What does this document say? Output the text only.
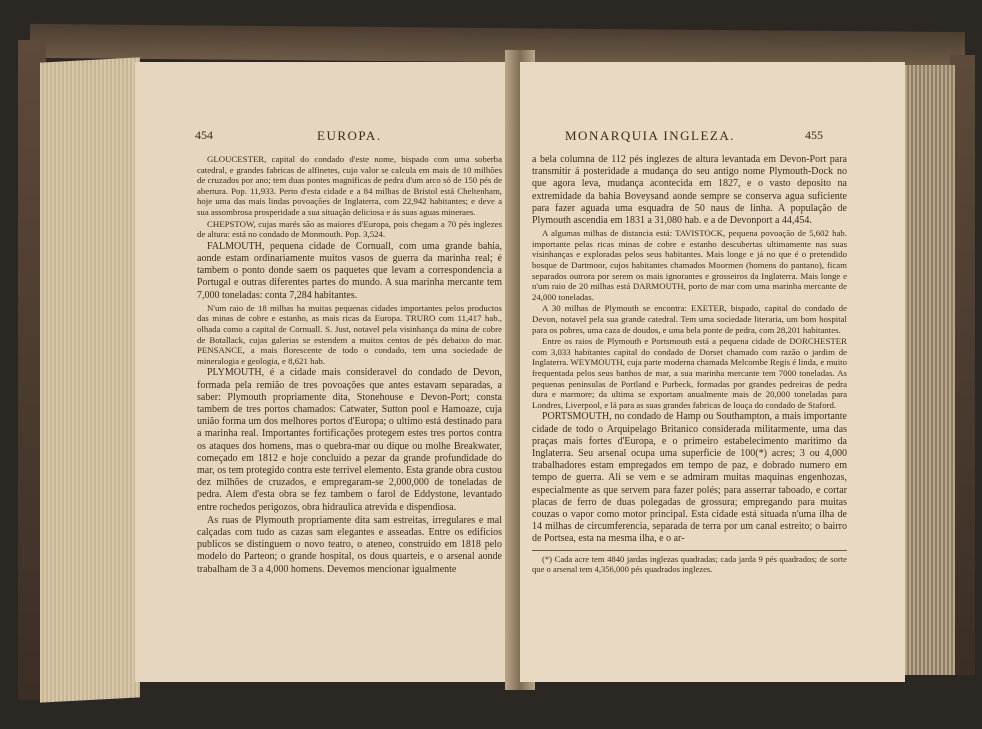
454	EUROPA.

GLOUCESTER, capital do condado d'este nome, bispado com uma soberba catedral, e grandes fabricas de alfinetes, cujo valor se calcula em mais de 10 milhões de cruzados por ano; tem duas pontes magnificas de pedra d'um arco só de 150 pés de abertura. Pop. 11,933. Perto d'esta cidade e a 84 milhas de Bristol está Cheltenham, hoje uma das mais lindas povoações de Inglaterra, com 22,942 habitantes; e deve a sua assombrosa prosperidade a sua situação deliciosa e ás suas aguas mineraes.

CHEPSTOW, cujas marés são as maiores d'Europa, pois chegam a 70 pés inglezes de altura: está no condado de Monmouth. Pop. 3,524.

FALMOUTH, pequena cidade de Cornuall, com uma grande bahia, aonde estam ordinariamente muitos vasos de guerra da marinha real; é tambem o ponto donde saem os paquetes que levam a correspondencia a Portugal e outras diferentes partes do mundo. A sua marinha mercante tem 7,000 toneladas: conta 7,284 habitantes.

N'um raio de 18 milhas ha muitas pequenas cidades importantes pelos productos das minas de cobre e estanho, as mais ricas da Europa. TRURO com 11,417 hab., olhada como a capital de Cornuall. S. Just, notavel pela visinhança da mina de cobre de Botallack, cujas galerias se estendem a muitos centos de pés debaixo do mar. PENSANCE, a mais florescente de todo o condado, tem uma sociedade de mineralogia e geologia, e 8,621 hab.

PLYMOUTH, é a cidade mais consideravel do condado de Devon, formada pela remião de tres povoações que antes estavam separadas, a saber: Plymouth propriamente dita, Stonehouse e Devon-Port; consta tambem de tres portos chamados: Catwater, Sutton pool e Hamoaze, cuja união forma um dos melhores portos d'Europa; o ultimo está destinado para a marinha real. Importantes fortificações protegem estes tres portos contra os ataques dos homens, mas o quebra-mar ou dique ou molhe Breakwater, começado em 1812 e hoje concluido a pezar da grande profundidade do mar, os tem protegido contra este terrivel elemento. Esta grande obra custou dez milhões de cruzados, e empregaram-se 2,000,000 de toneladas de pedra. Alem d'esta obra se fez tambem o farol de Eddystone, levantado entre rochedos perigozos, obra hidraulica atrevida e dispendiosa.

As ruas de Plymouth propriamente dita sam estreitas, irregulares e mal calçadas com tudo as cazas sam elegantes e asseadas. Entre os edificios publicos se distinguem o novo teatro, o ateneo, construido em 1818 pelo modelo do Parteon; o grande hospital, os dous quarteis, e o arsenal aonde trabalham de 3 a 4,000 homens. Devemos mencionar igualmente

MONARQUIA INGLEZA.	455

a bela columna de 112 pés inglezes de altura levantada em Devon-Port para transmitir á posteridade a mudança do seu antigo nome Plymouth-Dock no que agora leva, mudança acontecida em 1827, e o vasto deposito na extremidade da bahia Boveysand aonde sempre se conserva agua suficiente para fazer aguada uma esquadra de 50 naus de linha. A população de Plymouth ascendia em 1831 a 31,080 hab. e a de Devonport a 44,454.

A algumas milhas de distancia está: TAVISTOCK, pequena povoação de 5,602 hab. importante pelas ricas minas de cobre e estanho descubertas ultimamente nas suas visinhanças e exploradas pelos seus habitantes. Mais longe e já no que é o pretendido bosque de Dartmoor, cujos habitantes chamados Moormen (homens do pantano), ficam separados outrora por serem os mais ignorantes e grosseiros da Inglaterra. Mais longe e n'um raio de 20 milhas está DARMOUTH, porto de mar com uma marinha mercante de 24,000 toneladas.

A 30 milhas de Plymouth se encontra: EXETER, bispado, capital do condado de Devon, notavel pela sua grande catedral. Tem uma sociedade literaria, um bom hospital para os pobres, uma caza de doudos, e uma bela ponte de pedra, com 28,201 habitantes.

Entre os raios de Plymouth e Portsmouth está a pequena cidade de DORCHESTER com 3,033 habitantes capital do condado de Dorset chamado com razão o jardim de Inglaterra. WEYMOUTH, cuja parte moderna chamada Melcombe Regis é linda, e muito frequentada pelos seus banhos de mar, a sua marinha mercante tem 7000 toneladas. As pequenas peninsulas de Portland e Purbeck, formadas por grandes pedreiras de pedra dura e marmore; da ultima se exportam anualmente mais de 20,000 toneladas para Londres, Liverpool, e lá para as suas grandes fabricas de louça do condado de Staford.

PORTSMOUTH, no condado de Hamp ou Southampton, a mais importante cidade de todo o Arquipelago Britanico considerada militarmente, uma das praças mais fortes d'Europa, e o primeiro estabelecimento maritimo da Inglaterra. Seu arsenal ocupa uma superficie de 100(*) acres; 3 ou 4,000 trabalhadores estam empregados em tempo de paz, e dobrado numero em tempo de guerra. Ali se vem e se admiram muitas maquinas engenhozas, especialmente as que servem para fazer polés; para asserrar taboado, e cortar placas de ferro de duas polegadas de grossura; empregando para muitas couzas o vapor como motor principal. Esta cidade está situada n'uma ilha de 14 milhas de circumferencia, separada de terra por um canal estreito; o bairro de Portsea, esta na mesma ilha, e o ar-

(*) Cada acre tem 4840 jardas inglezas quadradas; cada jarda 9 pés quadrados; de sorte que o arsenal tem 4,356,000 pés quadrados inglezes.
